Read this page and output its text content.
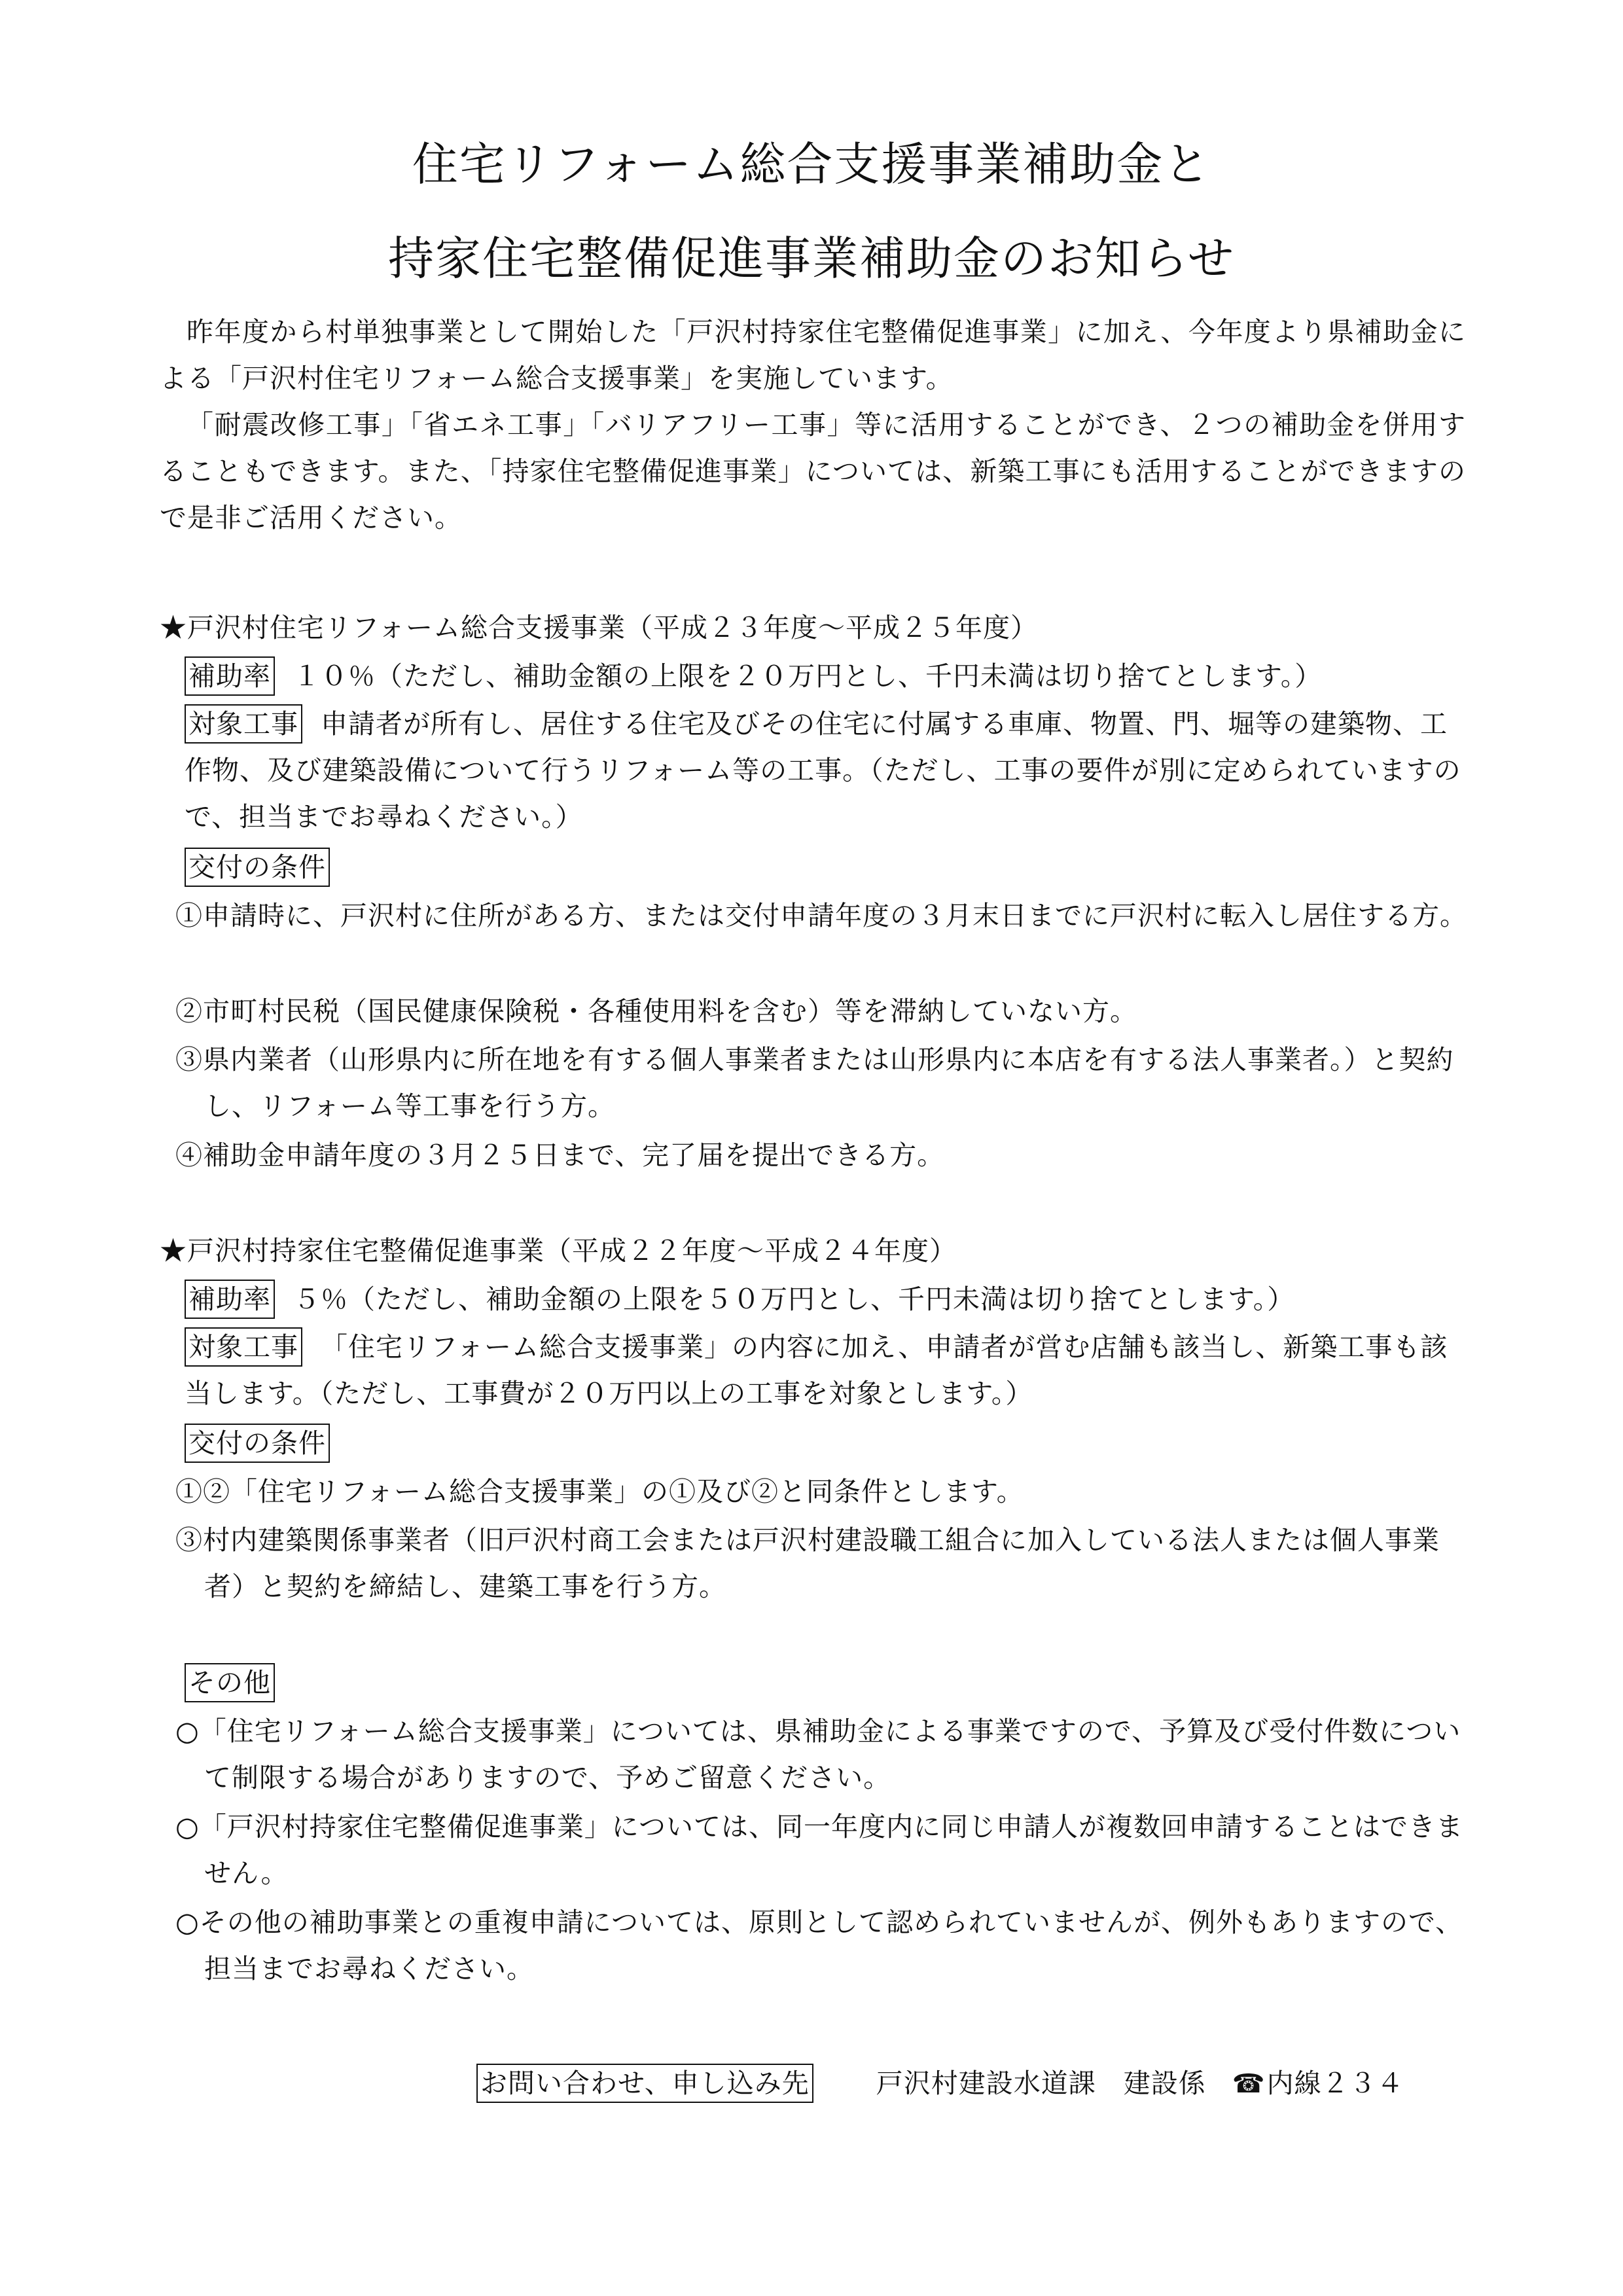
住宅リフォーム総合支援事業補助金と
持家住宅整備促進事業補助金のお知らせ

昨年度から村単独事業として開始した「戸沢村持家住宅整備促進事業」に加え、今年度より県補助金による「戸沢村住宅リフォーム総合支援事業」を実施しています。

「耐震改修工事」「省エネ工事」「バリアフリー工事」等に活用することができ、２つの補助金を併用することもできます。また、「持家住宅整備促進事業」については、新築工事にも活用することができますので是非ご活用ください。

★戸沢村住宅リフォーム総合支援事業（平成２３年度～平成２５年度）
補助率 １０％（ただし、補助金額の上限を２０万円とし、千円未満は切り捨てとします。）
対象工事 申請者が所有し、居住する住宅及びその住宅に付属する車庫、物置、門、堀等の建築物、工作物、及び建築設備について行うリフォーム等の工事。（ただし、工事の要件が別に定められていますので、担当までお尋ねください。）
交付の条件
①申請時に、戸沢村に住所がある方、または交付申請年度の３月末日までに戸沢村に転入し居住する方。
②市町村民税（国民健康保険税・各種使用料を含む）等を滞納していない方。
③県内業者（山形県内に所在地を有する個人事業者または山形県内に本店を有する法人事業者。）と契約し、リフォーム等工事を行う方。
④補助金申請年度の３月２５日まで、完了届を提出できる方。
★戸沢村持家住宅整備促進事業（平成２２年度～平成２４年度）
補助率 ５％（ただし、補助金額の上限を５０万円とし、千円未満は切り捨てとします。）
対象工事 「住宅リフォーム総合支援事業」の内容に加え、申請者が営む店舗も該当し、新築工事も該当します。（ただし、工事費が２０万円以上の工事を対象とします。）
交付の条件
①②「住宅リフォーム総合支援事業」の①及び②と同条件とします。
③村内建築関係事業者（旧戸沢村商工会または戸沢村建設職工組合に加入している法人または個人事業者）と契約を締結し、建築工事を行う方。
その他
○「住宅リフォーム総合支援事業」については、県補助金による事業ですので、予算及び受付件数について制限する場合がありますので、予めご留意ください。
○「戸沢村持家住宅整備促進事業」については、同一年度内に同じ申請人が複数回申請することはできません。
○その他の補助事業との重複申請については、原則として認められていませんが、例外もありますので、担当までお尋ねください。
お問い合わせ、申し込み先 戸沢村建設水道課　建設係 ☎内線２３４
